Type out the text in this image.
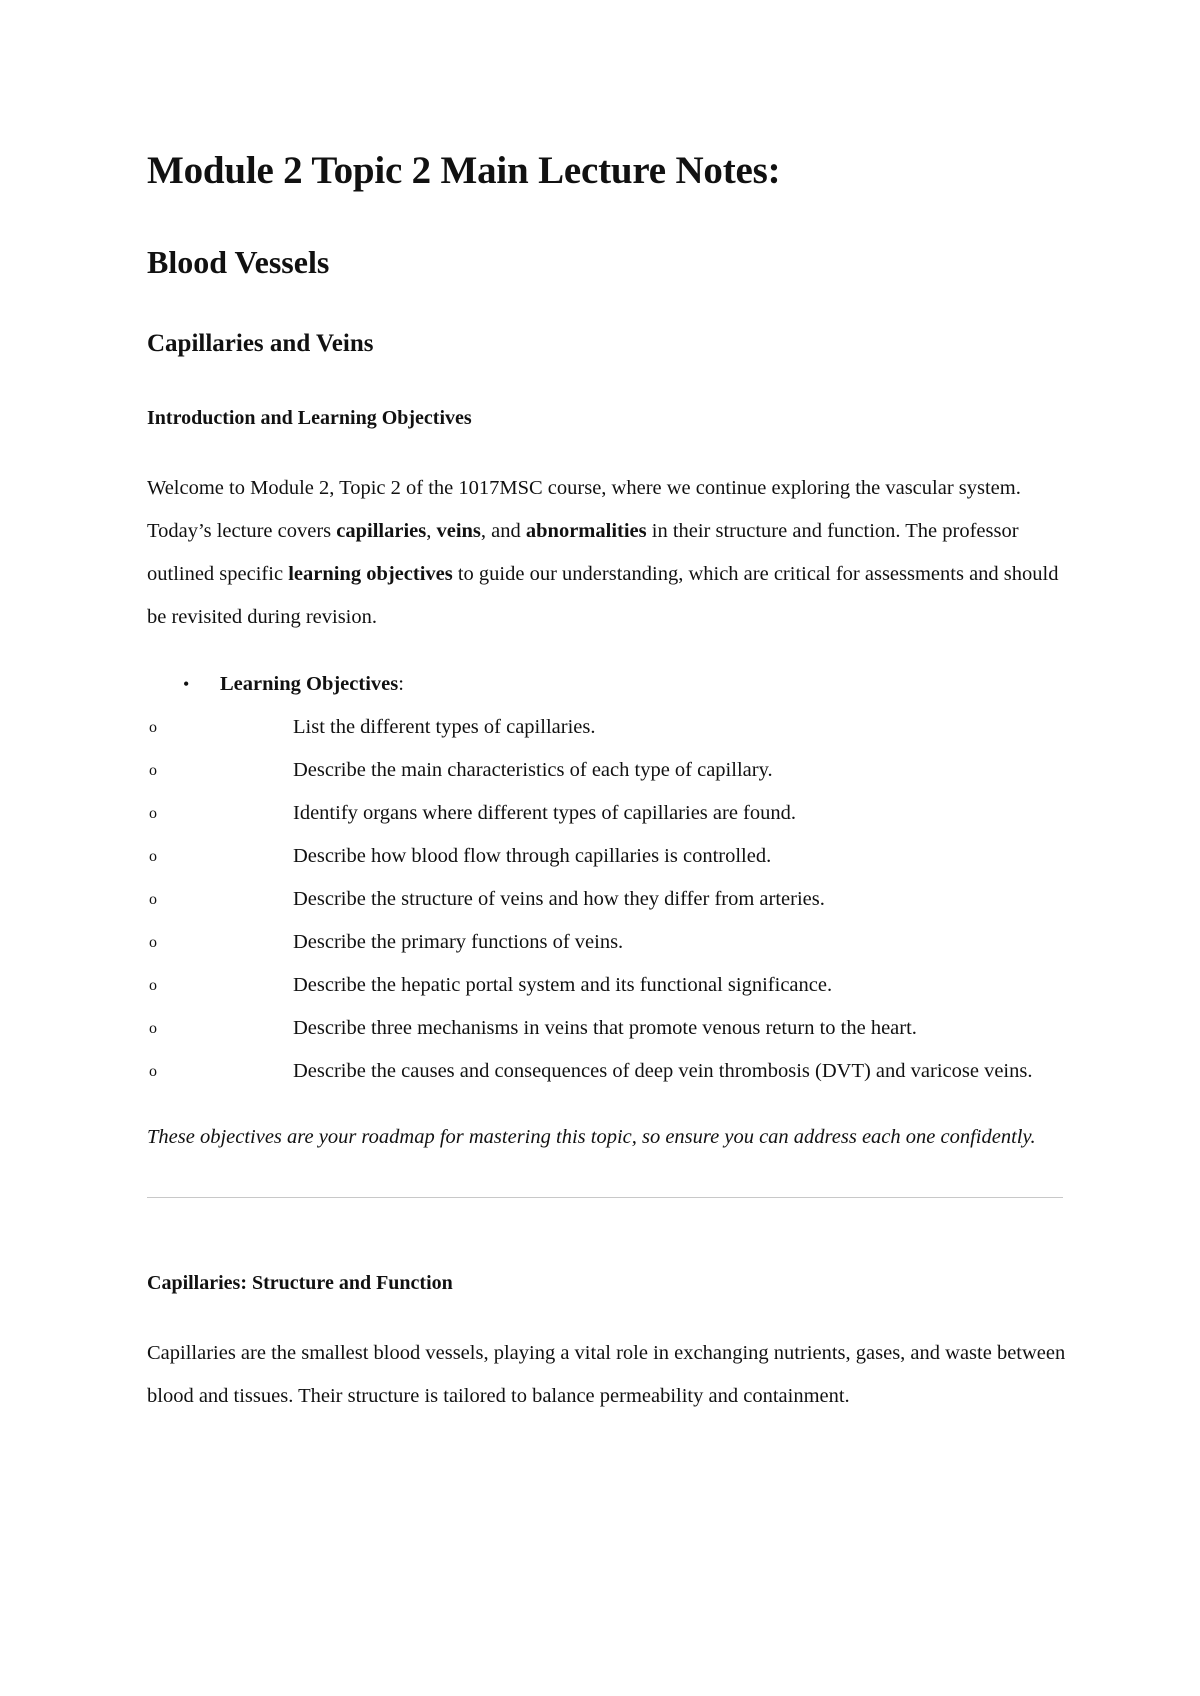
Module 2 Topic 2 Main Lecture Notes:
Blood Vessels
Capillaries and Veins
Introduction and Learning Objectives

Welcome to Module 2, Topic 2 of the 1017MSC course, where we continue exploring the vascular system. Today’s lecture covers capillaries, veins, and abnormalities in their structure and function. The professor outlined specific learning objectives to guide our understanding, which are critical for assessments and should be revisited during revision.

• Learning Objectives:
o	List the different types of capillaries.
o	Describe the main characteristics of each type of capillary.
o	Identify organs where different types of capillaries are found.
o	Describe how blood flow through capillaries is controlled.
o	Describe the structure of veins and how they differ from arteries.
o	Describe the primary functions of veins.
o	Describe the hepatic portal system and its functional significance.
o	Describe three mechanisms in veins that promote venous return to the heart.
o	Describe the causes and consequences of deep vein thrombosis (DVT) and varicose veins.

These objectives are your roadmap for mastering this topic, so ensure you can address each one confidently.

Capillaries: Structure and Function

Capillaries are the smallest blood vessels, playing a vital role in exchanging nutrients, gases, and waste between blood and tissues. Their structure is tailored to balance permeability and containment.
